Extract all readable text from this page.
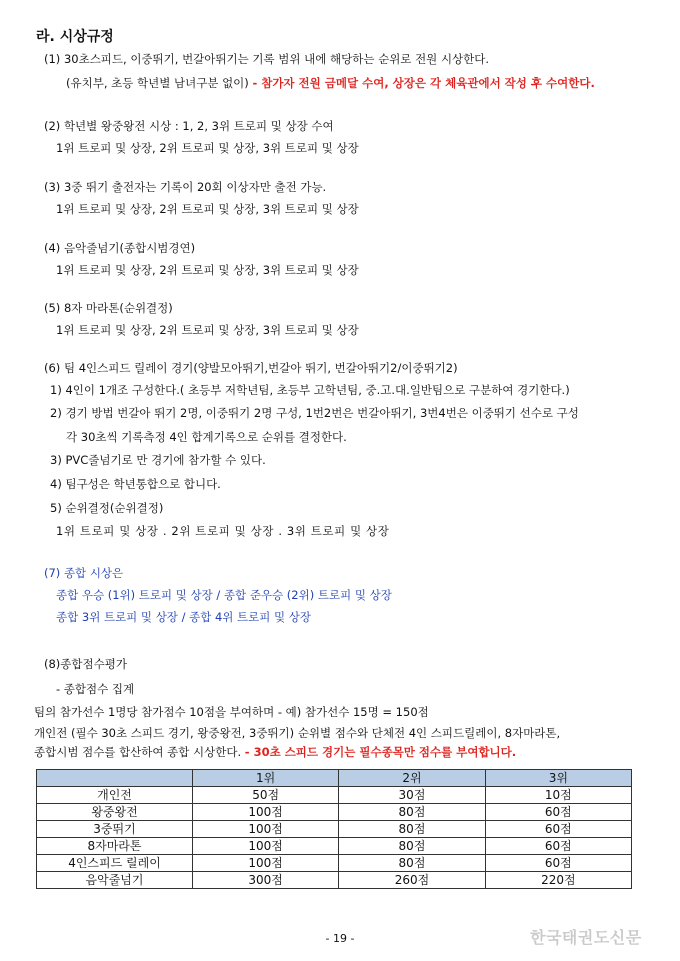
라. 시상규정
(1) 30초스피드, 이중뛰기, 번갈아뛰기는 기록 범위 내에 해당하는 순위로 전원 시상한다.
(유치부, 초등 학년별 남녀구분 없이) - 참가자 전원 금메달 수여, 상장은 각 체육관에서 작성 후 수여한다.
(2) 학년별 왕중왕전 시상 : 1, 2, 3위 트로피 및 상장 수여
1위 트로피 및 상장, 2위 트로피 및 상장, 3위 트로피 및 상장
(3) 3중 뛰기 출전자는 기록이 20회 이상자만 출전 가능.
1위 트로피 및 상장, 2위 트로피 및 상장, 3위 트로피 및 상장
(4) 음악줄넘기(종합시범경연)
1위 트로피 및 상장, 2위 트로피 및 상장, 3위 트로피 및 상장
(5) 8자 마라톤(순위결정)
1위 트로피 및 상장, 2위 트로피 및 상장, 3위 트로피 및 상장
(6) 팀 4인스피드 릴레이 경기(양발모아뛰기,번갈아 뛰기, 번갈아뛰기2/이중뛰기2)
1) 4인이 1개조 구성한다.( 초등부 저학년팀, 초등부 고학년팀, 중.고.대.일반팀으로 구분하여 경기한다.)
2) 경기 방법 번갈아 뛰기 2명, 이중뛰기 2명 구성, 1번2번은 번갈아뛰기, 3번4번은 이중뛰기 선수로 구성
각 30초씩 기록측정 4인 합계기록으로 순위를 결정한다.
3) PVC줄넘기로 만 경기에 참가할 수 있다.
4) 팀구성은 학년통합으로 합니다.
5) 순위결정(순위결정)
1위 트로피 및 상장 . 2위 트로피 및 상장 . 3위 트로피 및 상장
(7) 종합 시상은
종합 우승 (1위) 트로피 및 상장 / 종합 준우승 (2위) 트로피 및 상장
종합 3위 트로피 및 상장 / 종합 4위 트로피 및 상장
(8)종합점수평가
- 종합점수 집계
팀의 참가선수 1명당 참가점수 10점을 부여하며 - 예) 참가선수 15명 = 150점
개인전 (필수 30초 스피드 경기, 왕중왕전, 3중뛰기) 순위별 점수와 단체전 4인 스피드릴레이, 8자마라톤,
종합시범 점수를 합산하여 종합 시상한다. - 30초 스피드 경기는 필수종목만 점수를 부여합니다.
	1위	2위	3위
개인전	50점	30점	10점
왕중왕전	100점	80점	60점
3중뛰기	100점	80점	60점
8자마라톤	100점	80점	60점
4인스피드 릴레이	100점	80점	60점
음악줄넘기	300점	260점	220점
- 19 -	한국태권도신문
